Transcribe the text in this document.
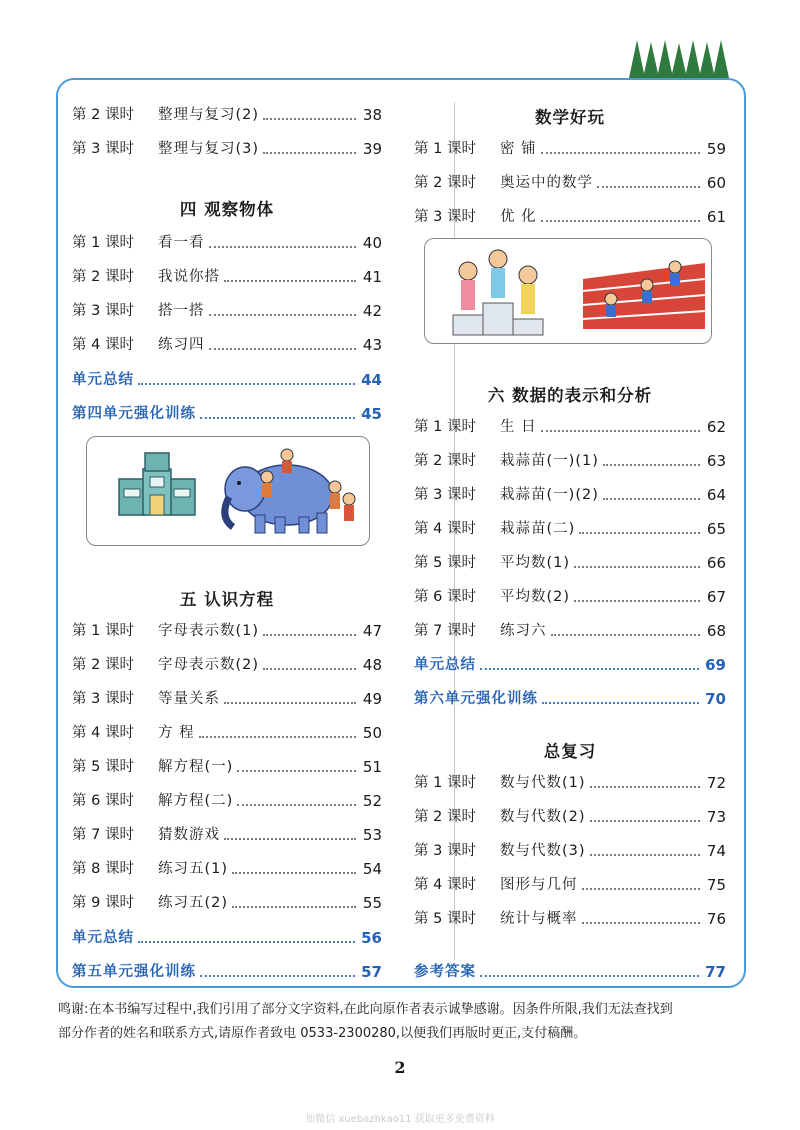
第 2 课时	整理与复习(2)	38
第 3 课时	整理与复习(3)	39
四 观察物体
第 1 课时	看一看	40
第 2 课时	我说你搭	41
第 3 课时	搭一搭	42
第 4 课时	练习四	43
单元总结	44
第四单元强化训练	45
五 认识方程
第 1 课时	字母表示数(1)	47
第 2 课时	字母表示数(2)	48
第 3 课时	等量关系	49
第 4 课时	方 程	50
第 5 课时	解方程(一)	51
第 6 课时	解方程(二)	52
第 7 课时	猜数游戏	53
第 8 课时	练习五(1)	54
第 9 课时	练习五(2)	55
单元总结	56
第五单元强化训练	57
数学好玩
第 1 课时	密 铺	59
第 2 课时	奥运中的数学	60
第 3 课时	优 化	61
六 数据的表示和分析
第 1 课时	生 日	62
第 2 课时	栽蒜苗(一)(1)	63
第 3 课时	栽蒜苗(一)(2)	64
第 4 课时	栽蒜苗(二)	65
第 5 课时	平均数(1)	66
第 6 课时	平均数(2)	67
第 7 课时	练习六	68
单元总结	69
第六单元强化训练	70
总复习
第 1 课时	数与代数(1)	72
第 2 课时	数与代数(2)	73
第 3 课时	数与代数(3)	74
第 4 课时	图形与几何	75
第 5 课时	统计与概率	76
参考答案	77
鸣谢:在本书编写过程中,我们引用了部分文字资料,在此向原作者表示诚挚感谢。因条件所限,我们无法查找到
部分作者的姓名和联系方式,请原作者致电 0533-2300280,以便我们再版时更正,支付稿酬。
2
加微信 xuebazhkao11 获取更多免费资料
